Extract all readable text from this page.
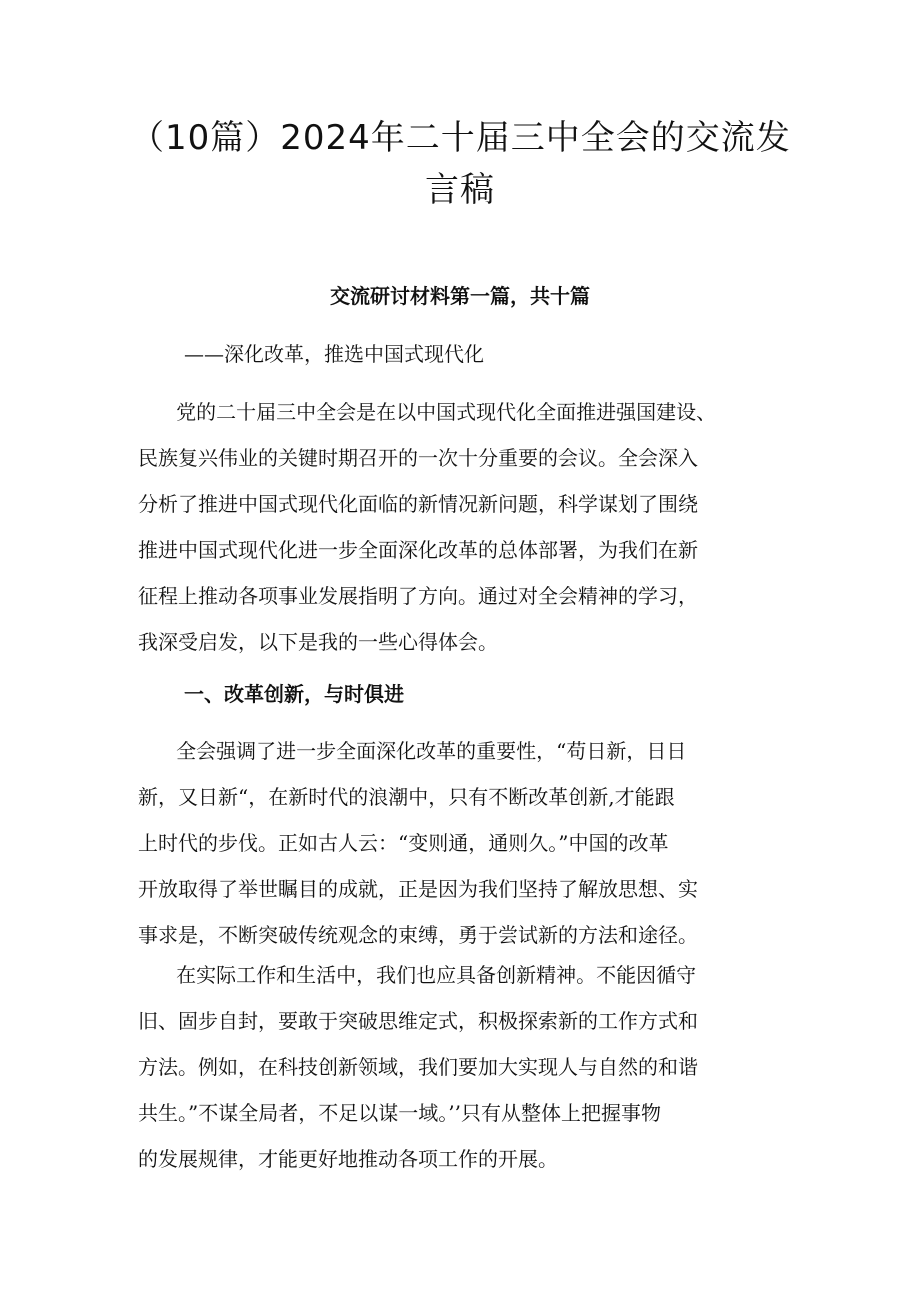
（10篇）2024年二十届三中全会的交流发
言稿
交流研讨材料第一篇，共十篇

——深化改革，推选中国式现代化

党的二十届三中全会是在以中国式现代化全面推进强国建设、
民族复兴伟业的关键时期召开的一次十分重要的会议。全会深入
分析了推进中国式现代化面临的新情况新问题，科学谋划了围绕
推进中国式现代化进一步全面深化改革的总体部署，为我们在新
征程上推动各项事业发展指明了方向。通过对全会精神的学习，
我深受启发，以下是我的一些心得体会。

一、改革创新，与时俱进

全会强调了进一步全面深化改革的重要性，“苟日新，日日
新，又日新“，在新时代的浪潮中，只有不断改革创新,才能跟
上时代的步伐。正如古人云：“变则通，通则久。”中国的改革
开放取得了举世瞩目的成就，正是因为我们坚持了解放思想、实
事求是，不断突破传统观念的束缚，勇于尝试新的方法和途径。

在实际工作和生活中，我们也应具备创新精神。不能因循守
旧、固步自封，要敢于突破思维定式，积极探索新的工作方式和
方法。例如，在科技创新领域，我们要加大实现人与自然的和谐
共生。”不谋全局者，不足以谋一域。’’只有从整体上把握事物
的发展规律，才能更好地推动各项工作的开展。
